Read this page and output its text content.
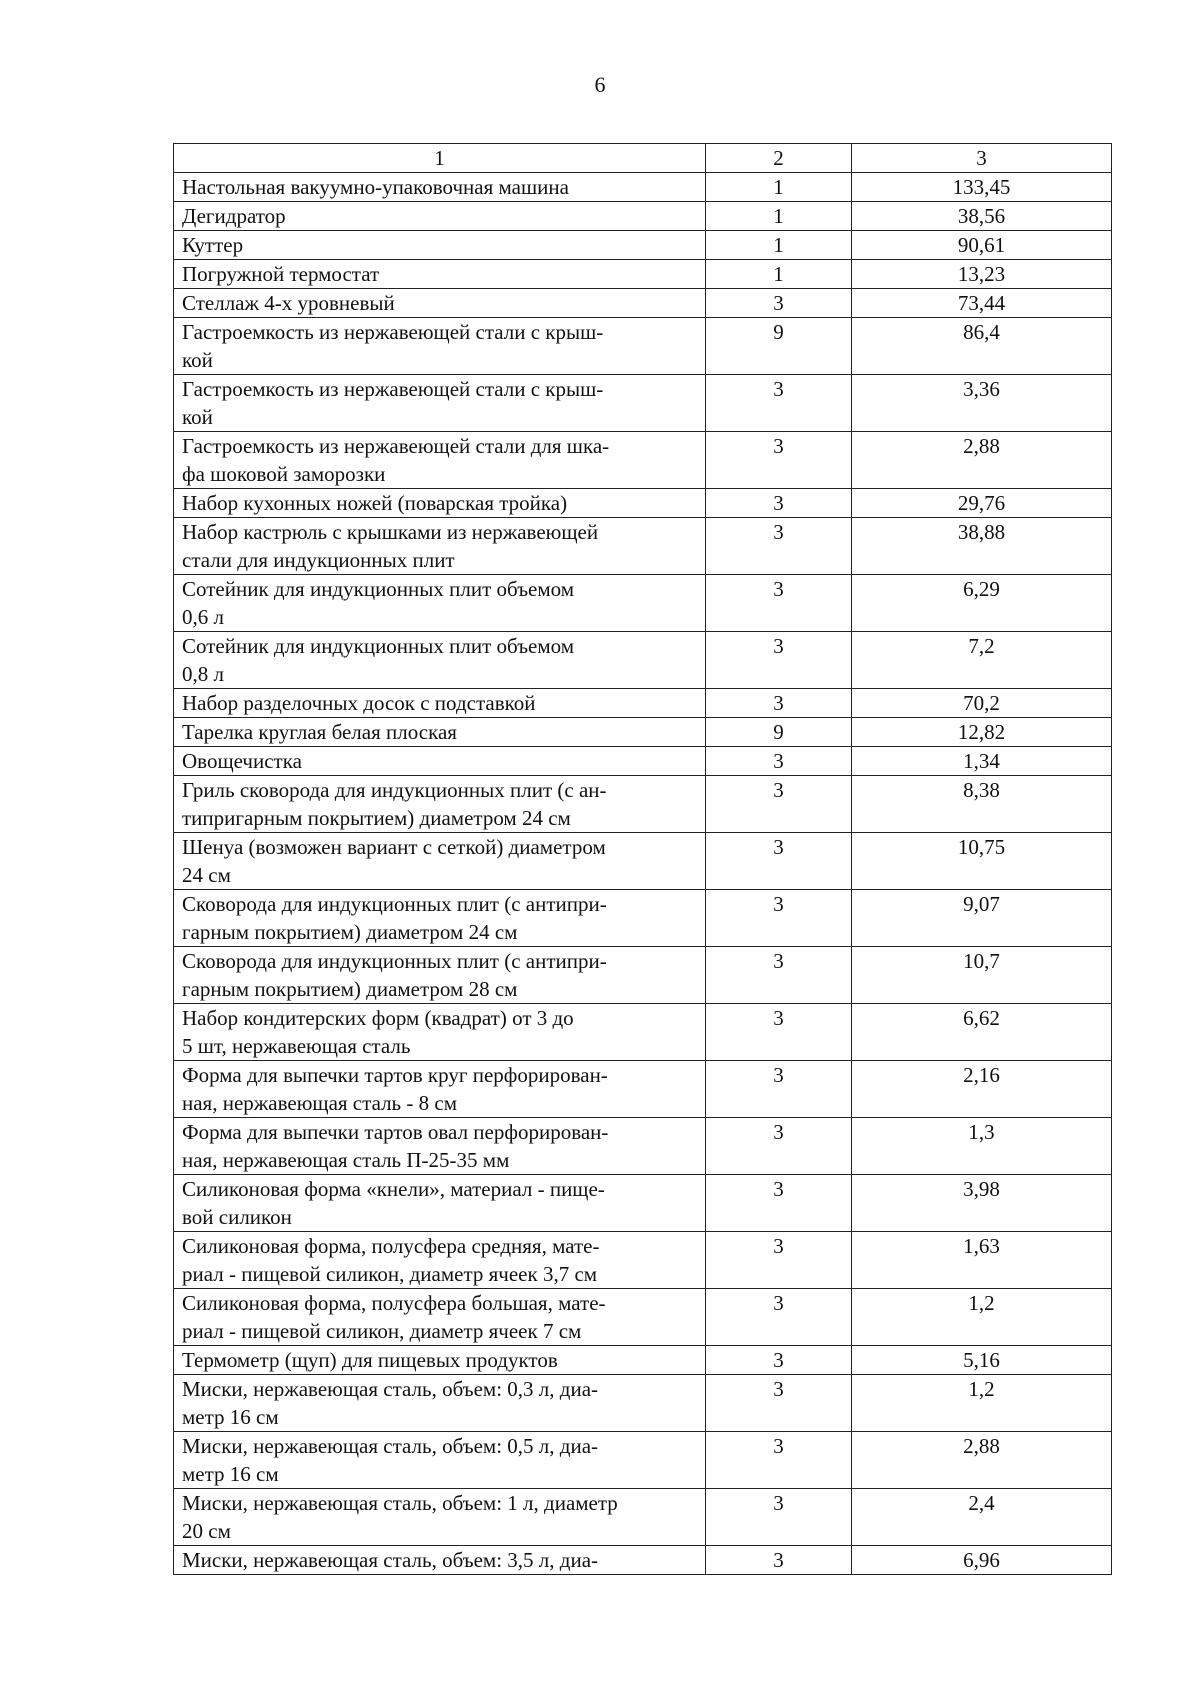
6
1	2	3
Настольная вакуумно-упаковочная машина	1	133,45
Дегидратор	1	38,56
Куттер	1	90,61
Погружной термостат	1	13,23
Стеллаж 4-х уровневый	3	73,44
Гастроемкость из нержавеющей стали с крыш-
кой	9	86,4
Гастроемкость из нержавеющей стали с крыш-
кой	3	3,36
Гастроемкость из нержавеющей стали для шка-
фа шоковой заморозки	3	2,88
Набор кухонных ножей (поварская тройка)	3	29,76
Набор кастрюль с крышками из нержавеющей
стали для индукционных плит	3	38,88
Сотейник для индукционных плит объемом
0,6 л	3	6,29
Сотейник для индукционных плит объемом
0,8 л	3	7,2
Набор разделочных досок с подставкой	3	70,2
Тарелка круглая белая плоская	9	12,82
Овощечистка	3	1,34
Гриль сковорода для индукционных плит (с ан-
типригарным покрытием) диаметром 24 см	3	8,38
Шенуа (возможен вариант с сеткой) диаметром
24 см	3	10,75
Сковорода для индукционных плит (с антипри-
гарным покрытием) диаметром 24 см	3	9,07
Сковорода для индукционных плит (с антипри-
гарным покрытием) диаметром 28 см	3	10,7
Набор кондитерских форм (квадрат) от 3 до
5 шт, нержавеющая сталь	3	6,62
Форма для выпечки тартов круг перфорирован-
ная, нержавеющая сталь - 8 см	3	2,16
Форма для выпечки тартов овал перфорирован-
ная, нержавеющая сталь П-25-35 мм	3	1,3
Силиконовая форма «кнели», материал - пище-
вой силикон	3	3,98
Силиконовая форма, полусфера средняя, мате-
риал - пищевой силикон, диаметр ячеек 3,7 см	3	1,63
Силиконовая форма, полусфера большая, мате-
риал - пищевой силикон, диаметр ячеек 7 см	3	1,2
Термометр (щуп) для пищевых продуктов	3	5,16
Миски, нержавеющая сталь, объем: 0,3 л, диа-
метр 16 см	3	1,2
Миски, нержавеющая сталь, объем: 0,5 л, диа-
метр 16 см	3	2,88
Миски, нержавеющая сталь, объем: 1 л, диаметр
20 см	3	2,4
Миски, нержавеющая сталь, объем: 3,5 л, диа-	3	6,96
